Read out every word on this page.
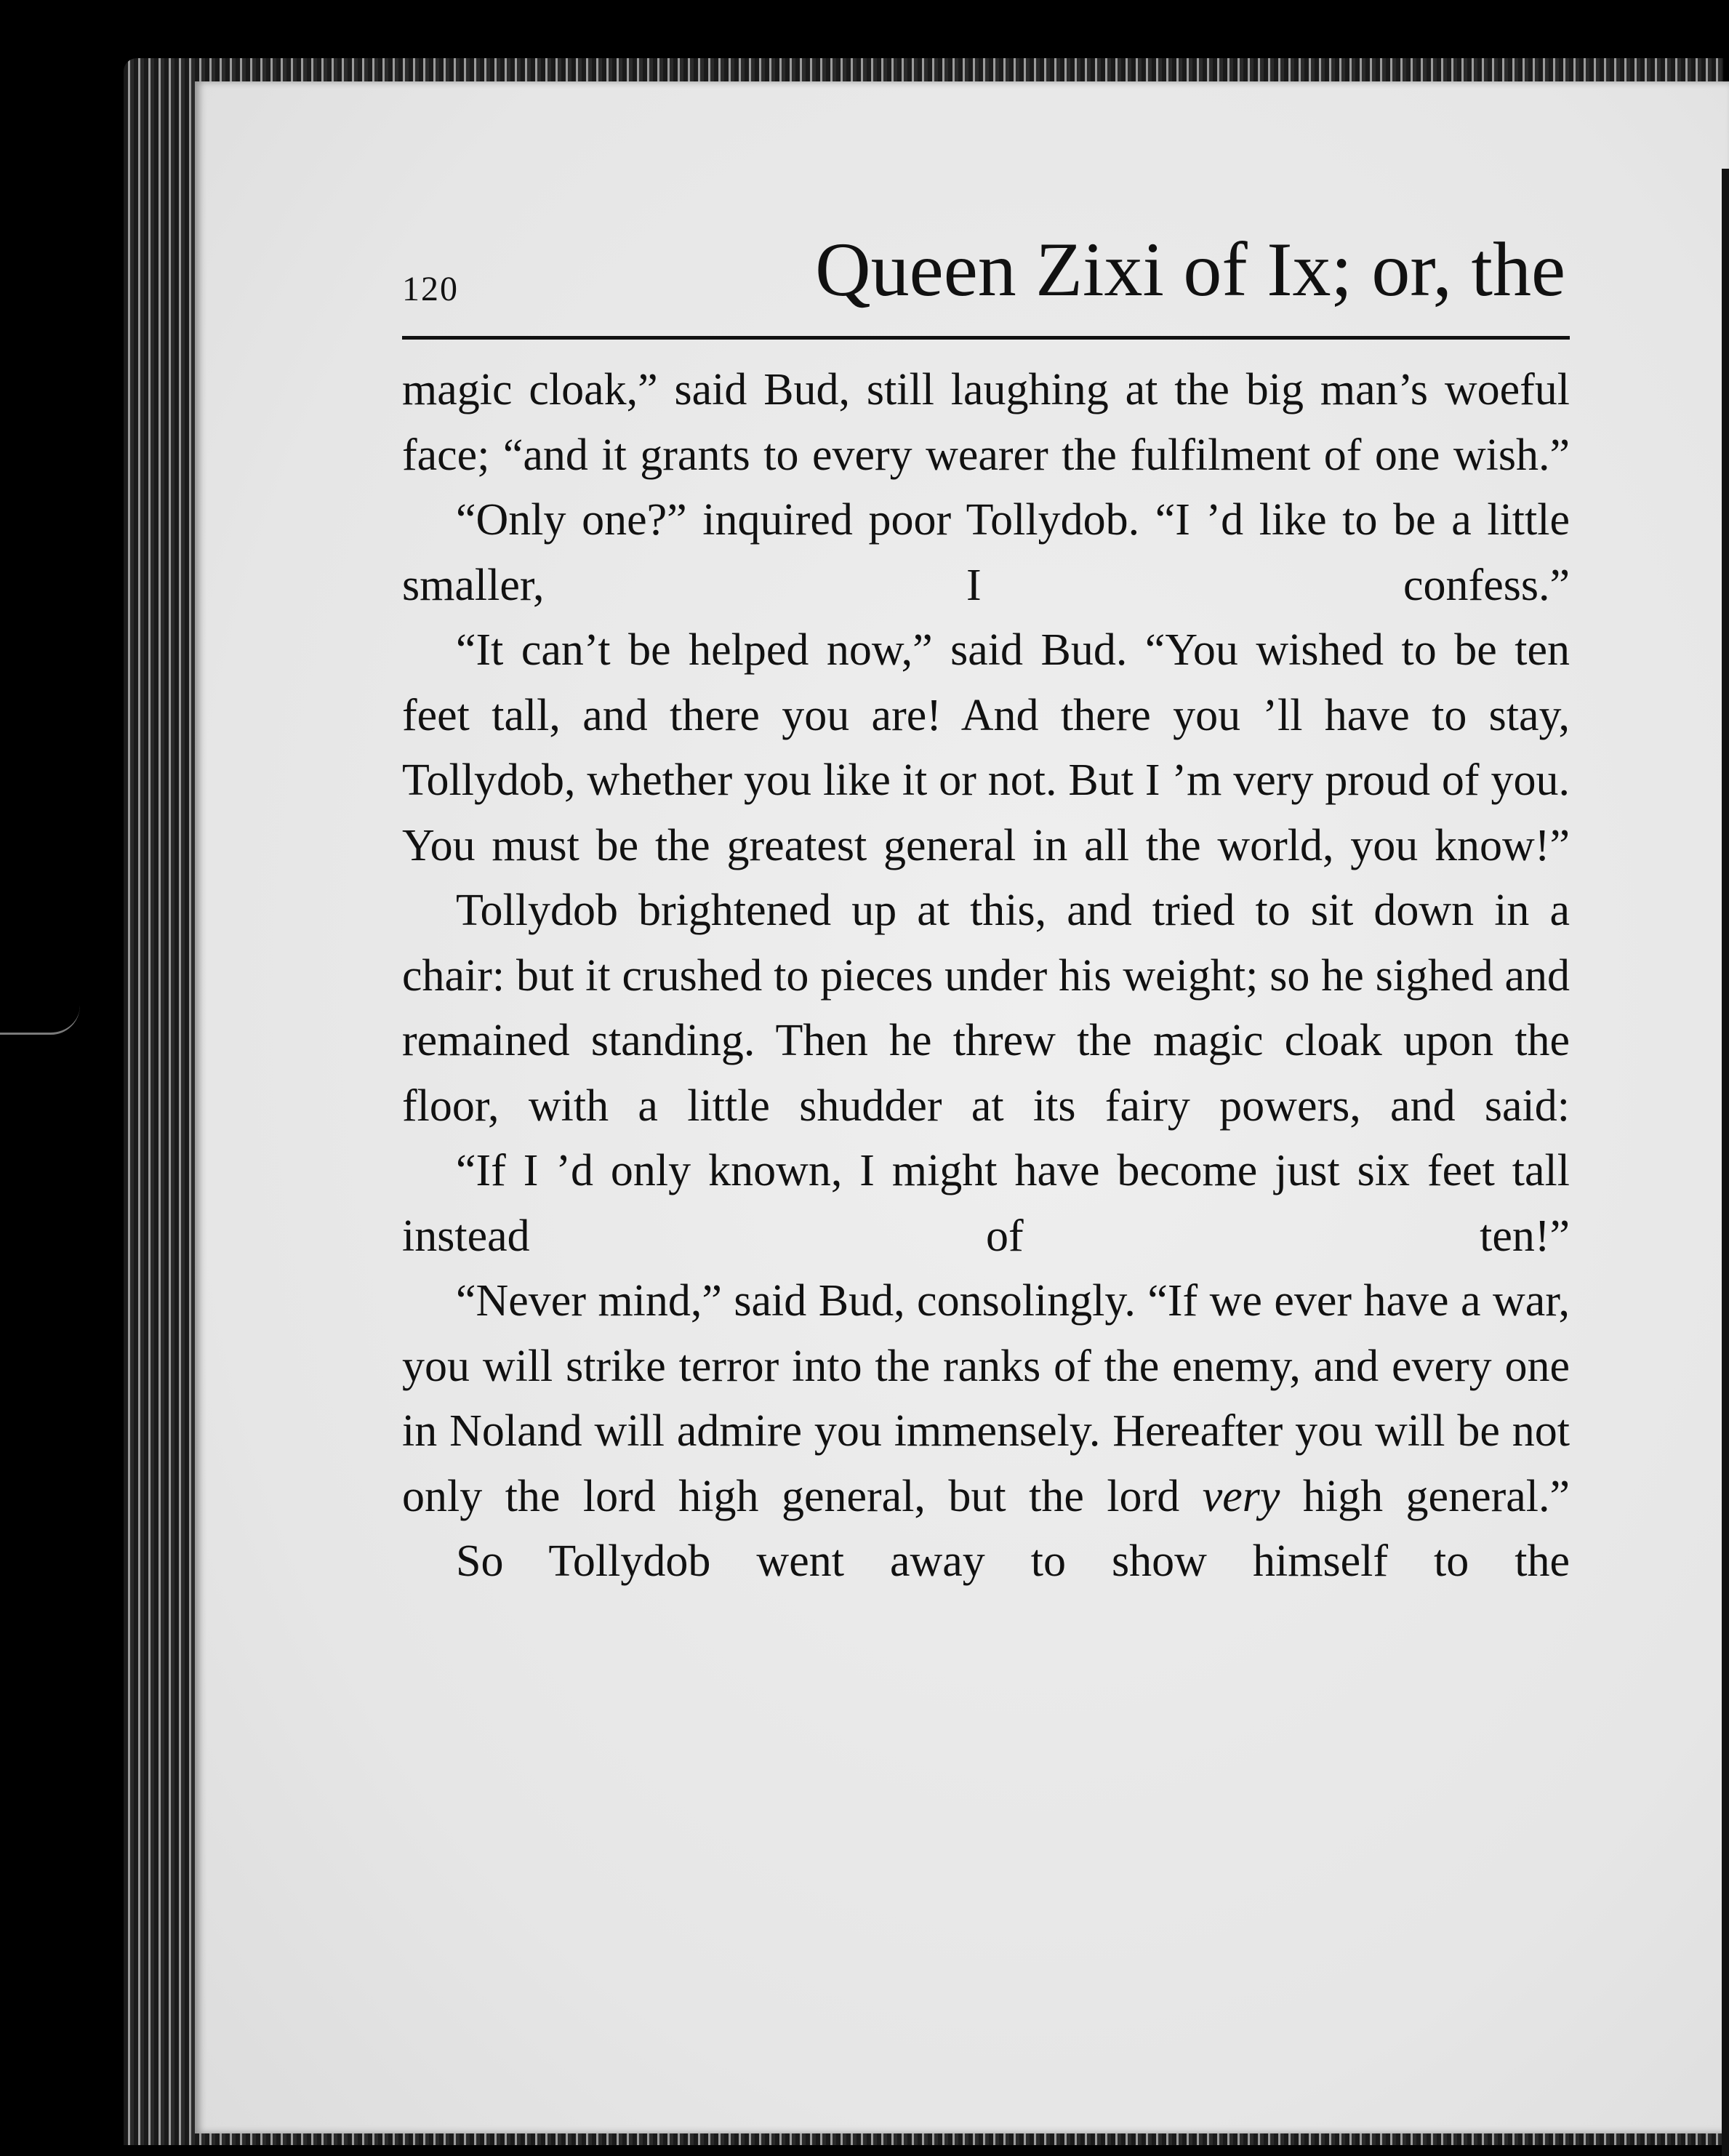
120	Queen Zixi of Ix; or, the

magic cloak,” said Bud, still laughing at the big man’s woeful face; “and it grants to every wearer the fulfilment of one wish.”

“Only one?” inquired poor Tollydob. “I ’d like to be a little smaller, I confess.”

“It can’t be helped now,” said Bud. “You wished to be ten feet tall, and there you are! And there you ’ll have to stay, Tollydob, whether you like it or not. But I ’m very proud of you. You must be the greatest general in all the world, you know!”

Tollydob brightened up at this, and tried to sit down in a chair: but it crushed to pieces under his weight; so he sighed and remained standing. Then he threw the magic cloak upon the floor, with a little shudder at its fairy powers, and said:

“If I ’d only known, I might have become just six feet tall instead of ten!”

“Never mind,” said Bud, consolingly. “If we ever have a war, you will strike terror into the ranks of the enemy, and every one in Noland will admire you immensely. Hereafter you will be not only the lord high general, but the lord very high general.”

So Tollydob went away to show himself to the
